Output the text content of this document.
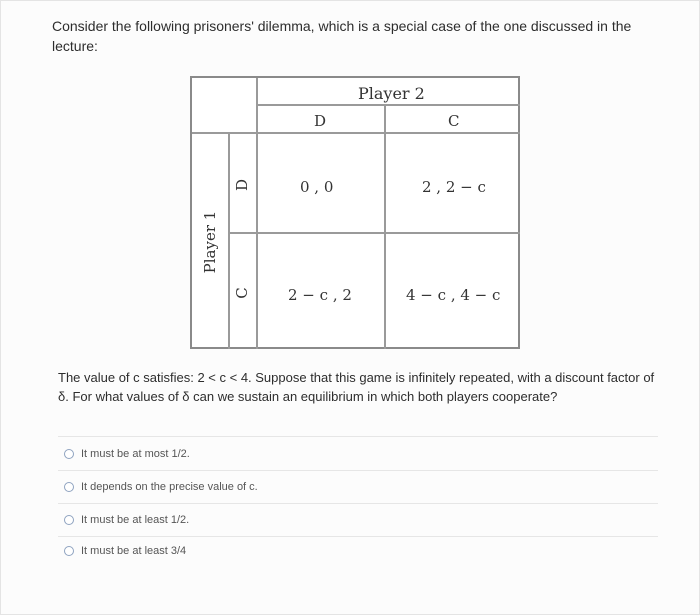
Consider the following prisoners' dilemma, which is a special case of the one discussed in the lecture:
Player 2
D	C
Player 1
D
C
0 , 0	2 , 2 − c
2 − c , 2	4 − c , 4 − c
The value of c satisfies: 2 < c < 4. Suppose that this game is infinitely repeated, with a discount factor of δ. For what values of δ can we sustain an equilibrium in which both players cooperate?
It must be at most 1/2.
It depends on the precise value of c.
It must be at least 1/2.
It must be at least 3/4
